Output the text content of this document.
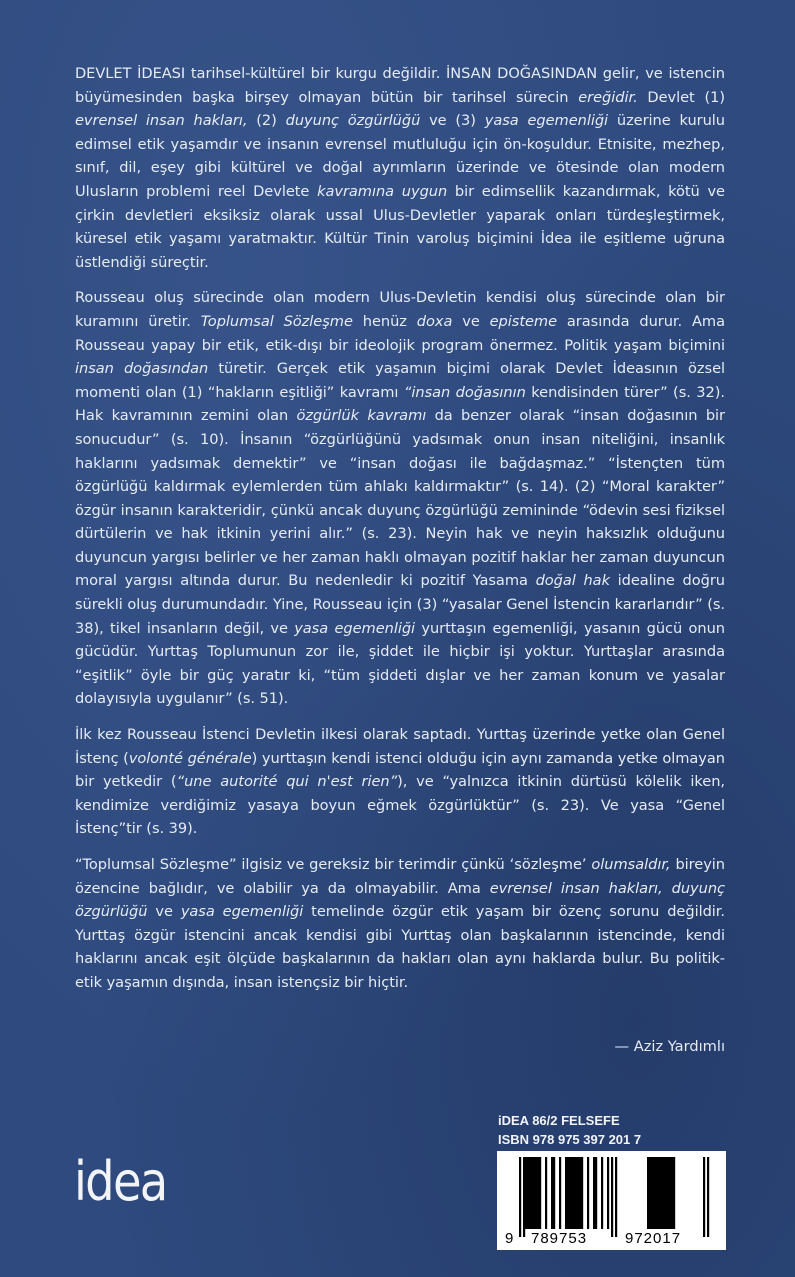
DEVLET İDEASI tarihsel-kültürel bir kurgu değildir. İNSAN DOĞASINDAN gelir, ve istencin büyümesinden başka birşey olmayan bütün bir tarihsel sürecin ereğidir. Devlet (1) evrensel insan hakları, (2) duyunç özgürlüğü ve (3) yasa egemenliği üzerine kurulu edimsel etik yaşamdır ve insanın evrensel mutluluğu için ön-koşuldur. Etnisite, mezhep, sınıf, dil, eşey gibi kültürel ve doğal ayrımların üzerinde ve ötesinde olan modern Ulusların problemi reel Devlete kavramına uygun bir edimsellik kazandırmak, kötü ve çirkin devletleri eksiksiz olarak ussal Ulus-Devletler yaparak onları türdeşleştirmek, küresel etik yaşamı yaratmaktır. Kültür Tinin varoluş biçimini İdea ile eşitleme uğruna üstlendiği süreçtir.

Rousseau oluş sürecinde olan modern Ulus-Devletin kendisi oluş sürecinde olan bir kuramını üretir. Toplumsal Sözleşme henüz doxa ve episteme arasında durur. Ama Rousseau yapay bir etik, etik-dışı bir ideolojik program önermez. Politik yaşam biçimini insan doğasından türetir. Gerçek etik yaşamın biçimi olarak Devlet İdeasının özsel momenti olan (1) “hakların eşitliği” kavramı “insan doğasının kendisinden türer” (s. 32). Hak kavramının zemini olan özgürlük kavramı da benzer olarak “insan doğasının bir sonucudur” (s. 10). İnsanın “özgürlüğünü yadsımak onun insan niteliğini, insanlık haklarını yadsımak demektir” ve “insan doğası ile bağdaşmaz.” “İstençten tüm özgürlüğü kaldırmak eylemlerden tüm ahlakı kaldırmaktır” (s. 14). (2) “Moral karakter” özgür insanın karakteridir, çünkü ancak duyunç özgürlüğü zemininde “ödevin sesi fiziksel dürtülerin ve hak itkinin yerini alır.” (s. 23). Neyin hak ve neyin haksızlık olduğunu duyuncun yargısı belirler ve her zaman haklı olmayan pozitif haklar her zaman duyuncun moral yargısı altında durur. Bu nedenledir ki pozitif Yasama doğal hak idealine doğru sürekli oluş durumundadır. Yine, Rousseau için (3) “yasalar Genel İstencin kararlarıdır” (s. 38), tikel insanların değil, ve yasa egemenliği yurttaşın egemenliği, yasanın gücü onun gücüdür. Yurttaş Toplumunun zor ile, şiddet ile hiçbir işi yoktur. Yurttaşlar arasında “eşitlik” öyle bir güç yaratır ki, “tüm şiddeti dışlar ve her zaman konum ve yasalar dolayısıyla uygulanır” (s. 51).

İlk kez Rousseau İstenci Devletin ilkesi olarak saptadı. Yurttaş üzerinde yetke olan Genel İstenç (volonté générale) yurttaşın kendi istenci olduğu için aynı zamanda yetke olmayan bir yetkedir (“une autorité qui n'est rien”), ve “yalnızca itkinin dürtüsü kölelik iken, kendimize verdiğimiz yasaya boyun eğmek özgürlüktür” (s. 23). Ve yasa “Genel İstenç”tir (s. 39).

“Toplumsal Sözleşme” ilgisiz ve gereksiz bir terimdir çünkü ‘sözleşme’ olumsaldır, bireyin özencine bağlıdır, ve olabilir ya da olmayabilir. Ama evrensel insan hakları, duyunç özgürlüğü ve yasa egemenliği temelinde özgür etik yaşam bir özenç sorunu değildir. Yurttaş özgür istencini ancak kendisi gibi Yurttaş olan başkalarının istencinde, kendi haklarını ancak eşit ölçüde başkalarının da hakları olan aynı haklarda bulur. Bu politik-etik yaşamın dışında, insan istençsiz bir hiçtir.

— Aziz Yardımlı
idea
iDEA 86/2 FELSEFE
ISBN 978 975 397 201 7
9 789753	972017
